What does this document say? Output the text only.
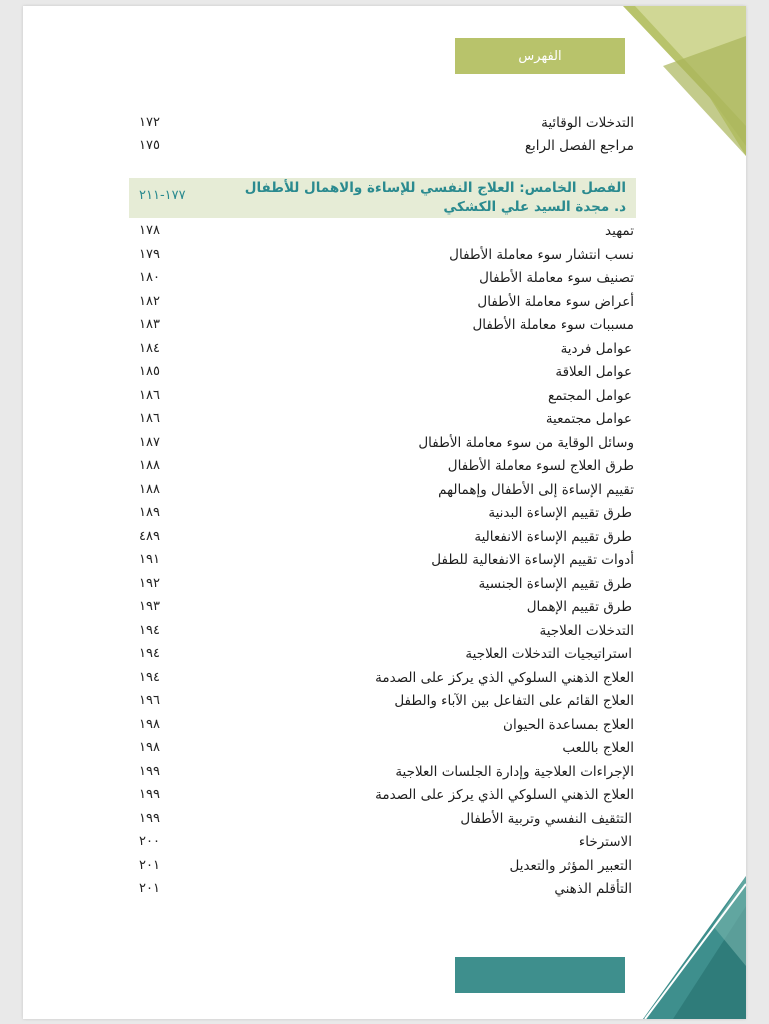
الفهرس
١٧٢	التدخلات الوقائية
١٧٥	مراجع الفصل الرابع
الفصل الخامس: العلاج النفسي للإساءة والاهمال للأطفال
د. مجدة السيد علي الكشكي
١٧٧-٢١١
١٧٨	تمهيد
١٧٩	نسب انتشار سوء معاملة الأطفال
١٨٠	تصنيف سوء معاملة الأطفال
١٨٢	أعراض سوء معاملة الأطفال
١٨٣	مسببات سوء معاملة الأطفال
١٨٤	عوامل فردية
١٨٥	عوامل العلاقة
١٨٦	عوامل المجتمع
١٨٦	عوامل مجتمعية
١٨٧	وسائل الوقاية من سوء معاملة الأطفال
١٨٨	طرق العلاج لسوء معاملة الأطفال
١٨٨	تقييم الإساءة إلى الأطفال وإهمالهم
١٨٩	طرق تقييم الإساءة البدنية
٤٨٩	طرق تقييم الإساءة الانفعالية
١٩١	أدوات تقييم الإساءة الانفعالية للطفل
١٩٢	طرق تقييم الإساءة الجنسية
١٩٣	طرق تقييم الإهمال
١٩٤	التدخلات العلاجية
١٩٤	استراتيجيات التدخلات العلاجية
١٩٤	العلاج الذهني السلوكي الذي يركز على الصدمة
١٩٦	العلاج القائم على التفاعل بين الآباء والطفل
١٩٨	العلاج بمساعدة الحيوان
١٩٨	العلاج باللعب
١٩٩	الإجراءات العلاجية وإدارة الجلسات العلاجية
١٩٩	العلاج الذهني السلوكي الذي يركز على الصدمة
١٩٩	التثقيف النفسي وتربية الأطفال
٢٠٠	الاسترخاء
٢٠١	التعبير المؤثر والتعديل
٢٠١	التأقلم الذهني
